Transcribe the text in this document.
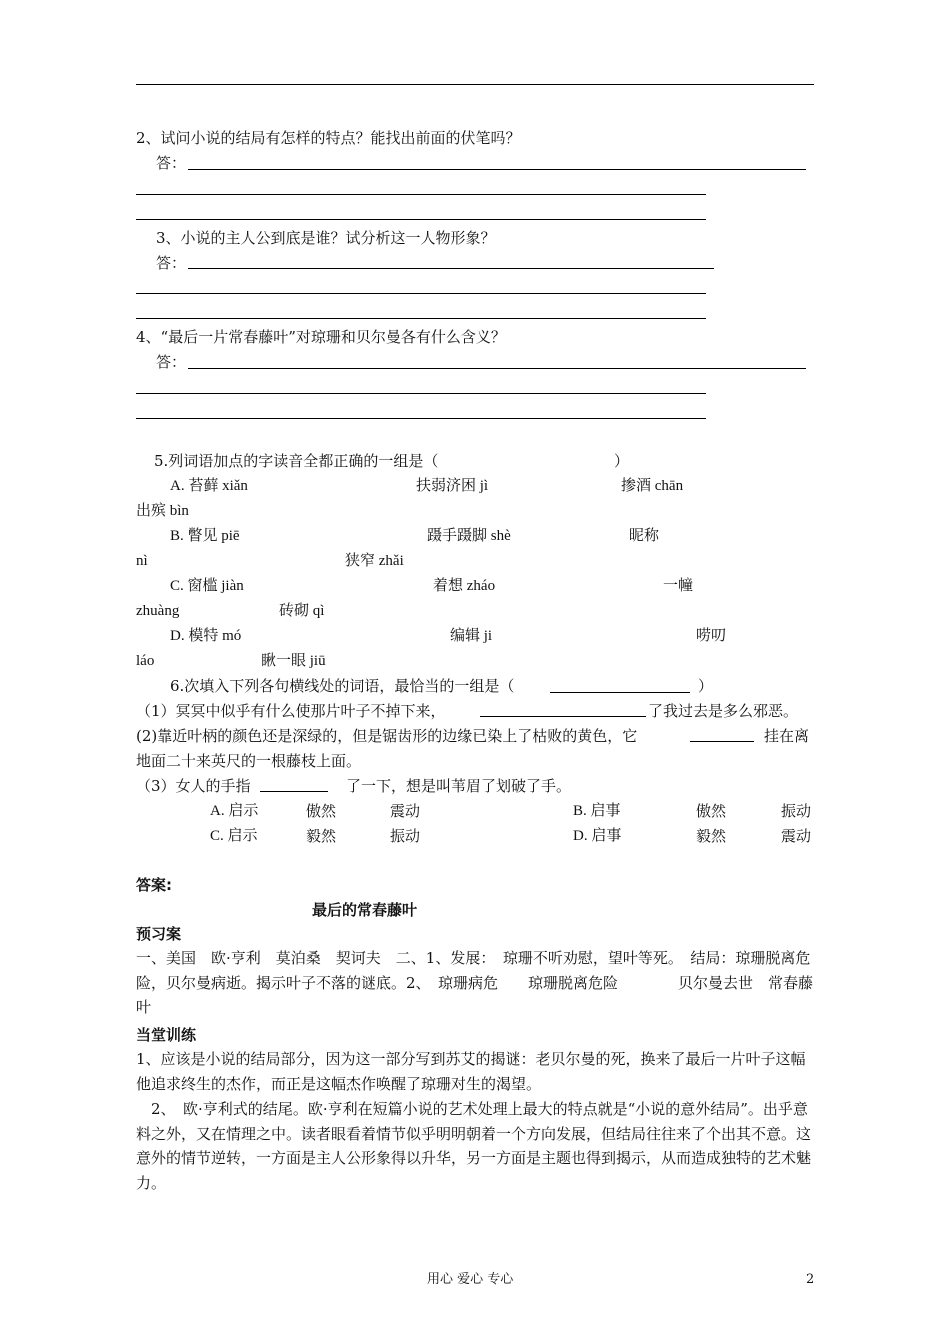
2、试问小说的结局有怎样的特点？能找出前面的伏笔吗？
答：
3、小说的主人公到底是谁？试分析这一人物形象？
答：
4、“最后一片常春藤叶”对琼珊和贝尔曼各有什么含义？
答：
5.列词语加点的字读音全都正确的一组是（	）
A. 苔藓 xiǎn	扶弱济困 jì	掺酒 chān
出殡 bìn
B. 瞥见 piē	蹑手蹑脚 shè	昵称
nì	狭窄 zhǎi
C. 窗槛 jiàn	着想 zháo	一幢
zhuàng	砖砌 qì
D. 模特 mó	编辑 ji	唠叨
láo	瞅一眼 jiū
6.次填入下列各句横线处的词语，最恰当的一组是（	）
（1）冥冥中似乎有什么使那片叶子不掉下来，	了我过去是多么邪恶。
(2)靠近叶柄的颜色还是深绿的，但是锯齿形的边缘已染上了枯败的黄色，它	挂在离
地面二十来英尺的一根藤枝上面。
（3）女人的手指	了一下，想是叫苇眉了划破了手。
A. 启示	傲然	震动	B. 启事	傲然	振动
C. 启示	毅然	振动	D. 启事	毅然	震动
答案:
最后的常春藤叶
预习案
一、美国　欧·亨利　莫泊桑　契诃夫　二、1、发展：　琼珊不听劝慰，望叶等死。　结局：琼珊脱离危险，贝尔曼病逝。揭示叶子不落的谜底。2、　琼珊病危　　琼珊脱离危险　　　　贝尔曼去世　常春藤叶
当堂训练
1、应该是小说的结局部分，因为这一部分写到苏艾的揭谜：老贝尔曼的死，换来了最后一片叶子这幅他追求终生的杰作，而正是这幅杰作唤醒了琼珊对生的渴望。
　2、　欧·亨利式的结尾。欧·亨利在短篇小说的艺术处理上最大的特点就是“小说的意外结局”。出乎意料之外，又在情理之中。读者眼看着情节似乎明明朝着一个方向发展，但结局往往来了个出其不意。这意外的情节逆转，一方面是主人公形象得以升华，另一方面是主题也得到揭示，从而造成独特的艺术魅力。
用心 爱心 专心	2
